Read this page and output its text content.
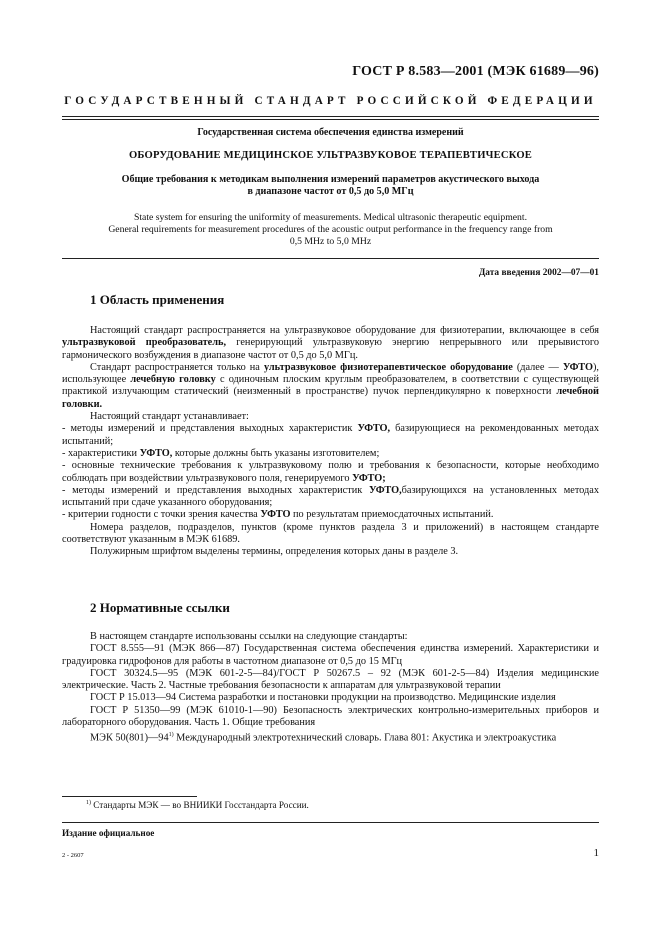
ГОСТ Р 8.583—2001 (МЭК 61689—96)
ГОСУДАРСТВЕННЫЙ СТАНДАРТ РОССИЙСКОЙ ФЕДЕРАЦИИ
Государственная система обеспечения единства измерений
ОБОРУДОВАНИЕ МЕДИЦИНСКОЕ УЛЬТРАЗВУКОВОЕ ТЕРАПЕВТИЧЕСКОЕ
Общие требования к методикам выполнения измерений параметров акустического выхода
в диапазоне частот от 0,5 до 5,0 МГц
State system for ensuring the uniformity of measurements. Medical ultrasonic therapeutic equipment.
General requirements for measurement procedures of the acoustic output performance in the frequency range from
0,5 MHz to 5,0 MHz
Дата введения 2002—07—01
1 Область применения

Настоящий стандарт распространяется на ультразвуковое оборудование для физиотерапии, включающее в себя ультразвуковой преобразователь, генерирующий ультразвуковую энергию непрерывного или прерывистого гармонического возбуждения в диапазоне частот от 0,5 до 5,0 МГц.

Стандарт распространяется только на ультразвуковое физиотерапевтическое оборудование (далее — УФТО), использующее лечебную головку с одиночным плоским круглым преобразователем, в соответствии с существующей практикой излучающим статический (неизменный в пространстве) пучок перпендикулярно к поверхности лечебной головки.

Настоящий стандарт устанавливает:

- методы измерений и представления выходных характеристик УФТО, базирующиеся на рекомендованных методах испытаний;

- характеристики УФТО, которые должны быть указаны изготовителем;

- основные технические требования к ультразвуковому полю и требования к безопасности, которые необходимо соблюдать при воздействии ультразвукового поля, генерируемого УФТО;

- методы измерений и представления выходных характеристик УФТО,базирующихся на установленных методах испытаний при сдаче указанного оборудования;

- критерии годности с точки зрения качества УФТО по результатам приемосдаточных испытаний.

Номера разделов, подразделов, пунктов (кроме пунктов раздела 3 и приложений) в настоящем стандарте соответствуют указанным в МЭК 61689.

Полужирным шрифтом выделены термины, определения которых даны в разделе 3.

2 Нормативные ссылки

В настоящем стандарте использованы ссылки на следующие стандарты:

ГОСТ 8.555—91 (МЭК 866—87) Государственная система обеспечения единства измерений. Характеристики и градуировка гидрофонов для работы в частотном диапазоне от 0,5 до 15 МГц

ГОСТ 30324.5—95 (МЭК 601-2-5—84)/ГОСТ Р 50267.5 – 92 (МЭК 601-2-5—84) Изделия медицинские электрические. Часть 2. Частные требования безопасности к аппаратам для ультразвуковой терапии

ГОСТ Р 15.013—94 Система разработки и постановки продукции на производство. Медицинские изделия

ГОСТ Р 51350—99 (МЭК 61010-1—90) Безопасность электрических контрольно-измерительных приборов и лабораторного оборудования. Часть 1. Общие требования

МЭК 50(801)—94$^{1)}$ Международный электротехнический словарь. Глава 801: Акустика и электроакустика

$^{1)}$ Стандарты МЭК — во ВНИИКИ Госстандарта России.
Издание официальное
2 - 2607	1
